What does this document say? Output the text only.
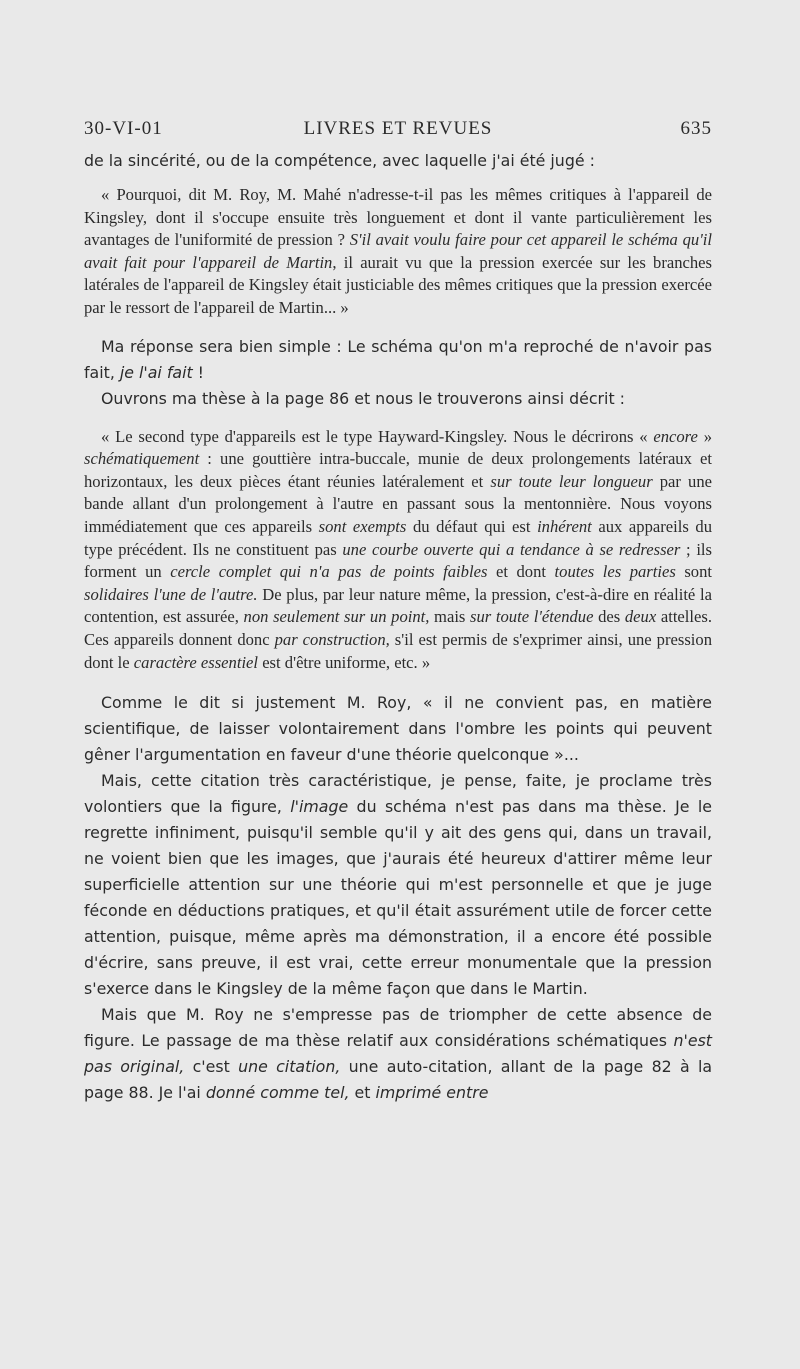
30-VI-01	LIVRES ET REVUES	635

de la sincérité, ou de la compétence, avec laquelle j'ai été jugé :

« Pourquoi, dit M. Roy, M. Mahé n'adresse-t-il pas les mêmes critiques à l'appareil de Kingsley, dont il s'occupe ensuite très longuement et dont il vante particulièrement les avantages de l'uniformité de pression ? S'il avait voulu faire pour cet appareil le schéma qu'il avait fait pour l'appareil de Martin, il aurait vu que la pression exercée sur les branches latérales de l'appareil de Kingsley était justiciable des mêmes critiques que la pression exercée par le ressort de l'appareil de Martin... »

Ma réponse sera bien simple : Le schéma qu'on m'a reproché de n'avoir pas fait, je l'ai fait !

Ouvrons ma thèse à la page 86 et nous le trouverons ainsi décrit :

« Le second type d'appareils est le type Hayward-Kingsley. Nous le décrirons « encore » schématiquement : une gouttière intra-buccale, munie de deux prolongements latéraux et horizontaux, les deux pièces étant réunies latéralement et sur toute leur longueur par une bande allant d'un prolongement à l'autre en passant sous la mentonnière. Nous voyons immédiatement que ces appareils sont exempts du défaut qui est inhérent aux appareils du type précédent. Ils ne constituent pas une courbe ouverte qui a tendance à se redresser ; ils forment un cercle complet qui n'a pas de points faibles et dont toutes les parties sont solidaires l'une de l'autre. De plus, par leur nature même, la pression, c'est-à-dire en réalité la contention, est assurée, non seulement sur un point, mais sur toute l'étendue des deux attelles. Ces appareils donnent donc par construction, s'il est permis de s'exprimer ainsi, une pression dont le caractère essentiel est d'être uniforme, etc. »

Comme le dit si justement M. Roy, « il ne convient pas, en matière scientifique, de laisser volontairement dans l'ombre les points qui peuvent gêner l'argumentation en faveur d'une théorie quelconque »...

Mais, cette citation très caractéristique, je pense, faite, je proclame très volontiers que la figure, l'image du schéma n'est pas dans ma thèse. Je le regrette infiniment, puisqu'il semble qu'il y ait des gens qui, dans un travail, ne voient bien que les images, que j'aurais été heureux d'attirer même leur superficielle attention sur une théorie qui m'est personnelle et que je juge féconde en déductions pratiques, et qu'il était assurément utile de forcer cette attention, puisque, même après ma démonstration, il a encore été possible d'écrire, sans preuve, il est vrai, cette erreur monumentale que la pression s'exerce dans le Kingsley de la même façon que dans le Martin.

Mais que M. Roy ne s'empresse pas de triompher de cette absence de figure. Le passage de ma thèse relatif aux considérations schématiques n'est pas original, c'est une citation, une auto-citation, allant de la page 82 à la page 88. Je l'ai donné comme tel, et imprimé entre
